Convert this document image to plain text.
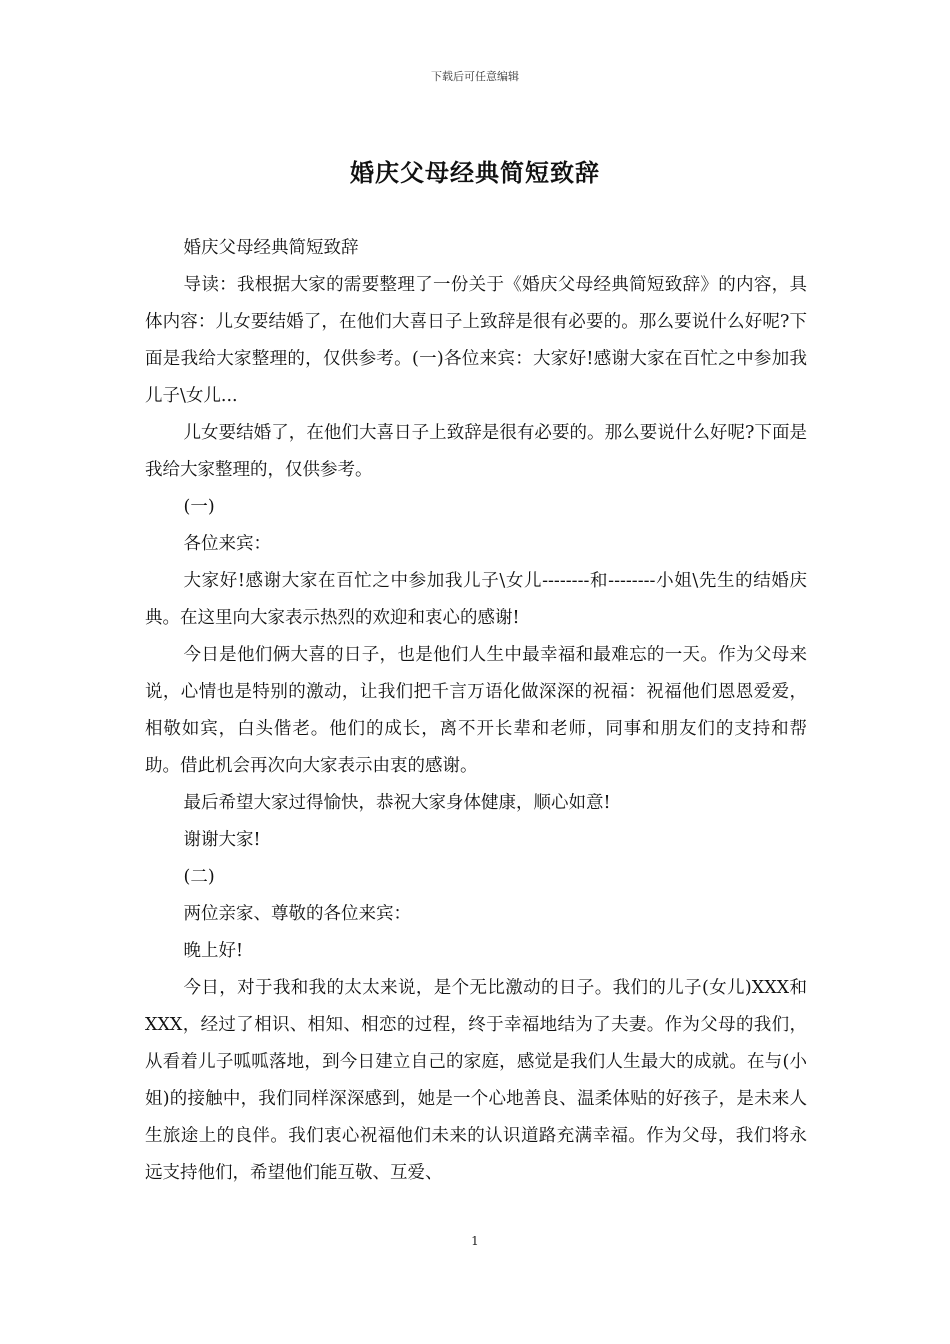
下载后可任意编辑
婚庆父母经典简短致辞

婚庆父母经典简短致辞

导读：我根据大家的需要整理了一份关于《婚庆父母经典简短致辞》的内容，具体内容：儿女要结婚了，在他们大喜日子上致辞是很有必要的。那么要说什么好呢?下面是我给大家整理的，仅供参考。(一)各位来宾：大家好!感谢大家在百忙之中参加我儿子\女儿...

儿女要结婚了，在他们大喜日子上致辞是很有必要的。那么要说什么好呢?下面是我给大家整理的，仅供参考。

(一)

各位来宾：

大家好!感谢大家在百忙之中参加我儿子\女儿--------和--------小姐\先生的结婚庆典。在这里向大家表示热烈的欢迎和衷心的感谢!

今日是他们俩大喜的日子，也是他们人生中最幸福和最难忘的一天。作为父母来说，心情也是特别的激动，让我们把千言万语化做深深的祝福：祝福他们恩恩爱爱，相敬如宾，白头偕老。他们的成长，离不开长辈和老师，同事和朋友们的支持和帮助。借此机会再次向大家表示由衷的感谢。

最后希望大家过得愉快，恭祝大家身体健康，顺心如意!

谢谢大家!

(二)

两位亲家、尊敬的各位来宾：

晚上好!

今日，对于我和我的太太来说，是个无比激动的日子。我们的儿子(女儿)XXX和XXX，经过了相识、相知、相恋的过程，终于幸福地结为了夫妻。作为父母的我们，从看着儿子呱呱落地，到今日建立自己的家庭，感觉是我们人生最大的成就。在与(小姐)的接触中，我们同样深深感到，她是一个心地善良、温柔体贴的好孩子，是未来人生旅途上的良伴。我们衷心祝福他们未来的认识道路充满幸福。作为父母，我们将永远支持他们，希望他们能互敬、互爱、

1
